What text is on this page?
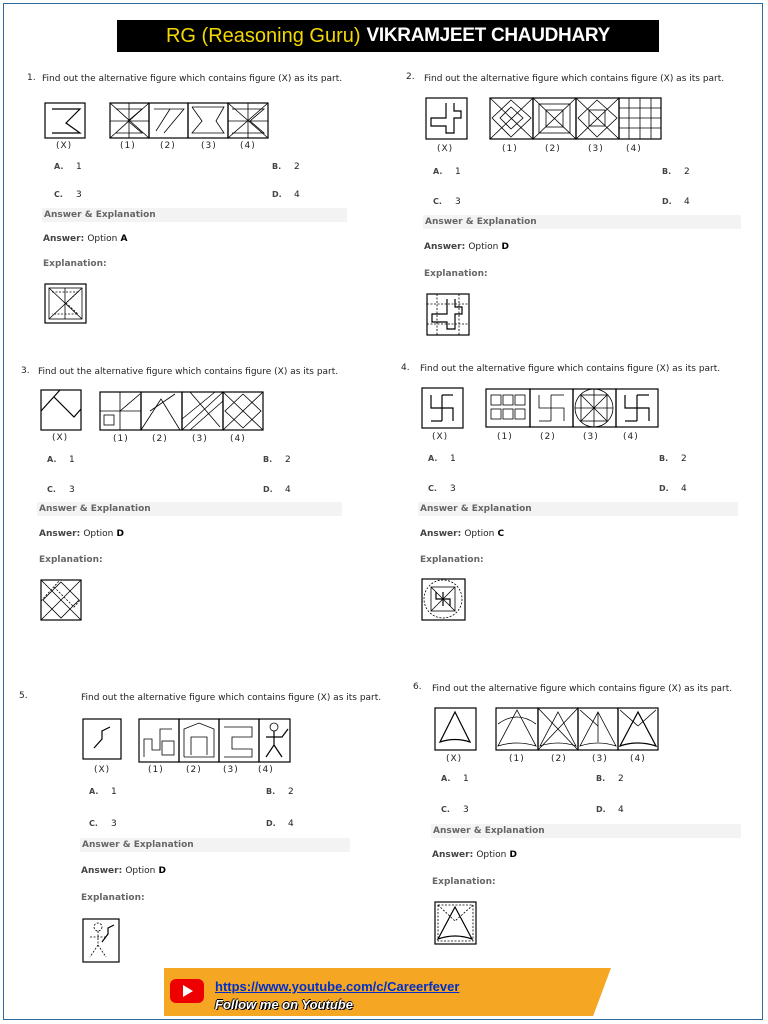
RG (Reasoning Guru) VIKRAMJEET CHAUDHARY
1. Find out the alternative figure which contains figure (X) as its part.
(X)	(1)	(2)	(3)	(4)
A. 1	B. 2
C. 3	D. 4
Answer & Explanation
Answer: Option A
Explanation:
2. Find out the alternative figure which contains figure (X) as its part.
(X)	(1)	(2)	(3) (4)
A. 1	B. 2
C. 3	D. 4
Answer & Explanation
Answer: Option D
Explanation:
3. Find out the alternative figure which contains figure (X) as its part.
(X)	(1)	(2)	(3) (4)
A. 1	B. 2
C. 3	D. 4
Answer & Explanation
Answer: Option D
Explanation:
4. Find out the alternative figure which contains figure (X) as its part.
(X)	(1)	(2)	(3)	(4)
A. 1	B. 2
C. 3	D. 4
Answer & Explanation
Answer: Option C
Explanation:
5.	Find out the alternative figure which contains figure (X) as its part.
(X)	(1) (2) (3) (4)
A. 1	B. 2
C. 3	D. 4
Answer & Explanation
Answer: Option D
Explanation:
6. Find out the alternative figure which contains figure (X) as its part.
(X)	(1)	(2)	(3) (4)
A. 1	B. 2
C. 3	D. 4
Answer & Explanation
Answer: Option D
Explanation:
https://www.youtube.com/c/Careerfever
Follow me on Youtube
